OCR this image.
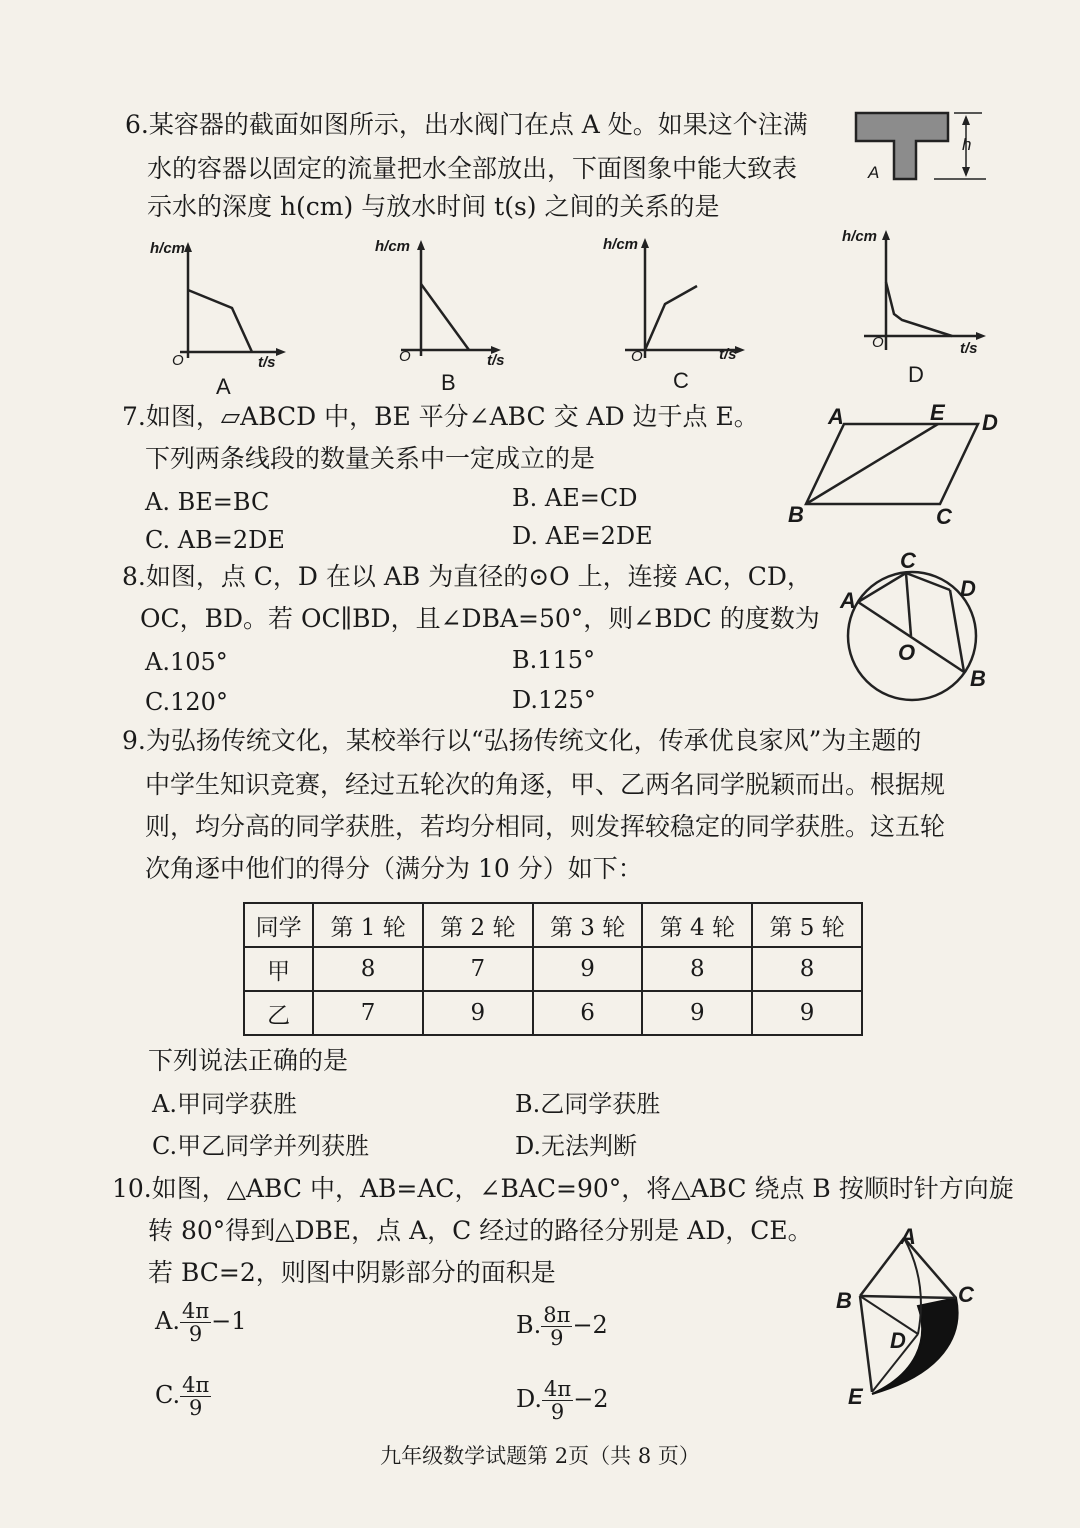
6.某容器的截面如图所示，出水阀门在点 A 处。如果这个注满
水的容器以固定的流量把水全部放出，下面图象中能大致表
示水的深度 h(cm) 与放水时间 t(s) 之间的关系的是
h
A
h/cm
t/s
O
A
h/cm
t/s
O
B
h/cm
t/s
O
C
h/cm
t/s
O
D
7.如图，▱ABCD 中，BE 平分∠ABC 交 AD 边于点 E。
下列两条线段的数量关系中一定成立的是
A. BE=BC	B. AE=CD
C. AB=2DE	D. AE=2DE
A	E D
B	C
8.如图，点 C，D 在以 AB 为直径的⊙O 上，连接 AC，CD，
OC，BD。若 OC∥BD，且∠DBA=50°，则∠BDC 的度数为
A.105°	B.115°
C.120°	D.125°
A
C
D
O
B
9.为弘扬传统文化，某校举行以“弘扬传统文化，传承优良家风”为主题的
中学生知识竞赛，经过五轮次的角逐，甲、乙两名同学脱颖而出。根据规
则，均分高的同学获胜，若均分相同，则发挥较稳定的同学获胜。这五轮
次角逐中他们的得分（满分为 10 分）如下：
同学	第 1 轮	第 2 轮	第 3 轮	第 4 轮	第 5 轮
甲	8	7	9	8	8
乙	7	9	6	9	9
下列说法正确的是
A.甲同学获胜	B.乙同学获胜
C.甲乙同学并列获胜	D.无法判断
10.如图，△ABC 中，AB=AC，∠BAC=90°，将△ABC 绕点 B 按顺时针方向旋
转 80°得到△DBE，点 A，C 经过的路径分别是 AD，CE。
若 BC=2，则图中阴影部分的面积是
A. $\frac{4\pi}{9} -1$	B. $\frac{8\pi}{9} -2$
C. $\frac{4\pi}{9}$	D. $\frac{4\pi}{9} -2$
A
B	C
D
E
九年级数学试题第 2页（共 8 页）
